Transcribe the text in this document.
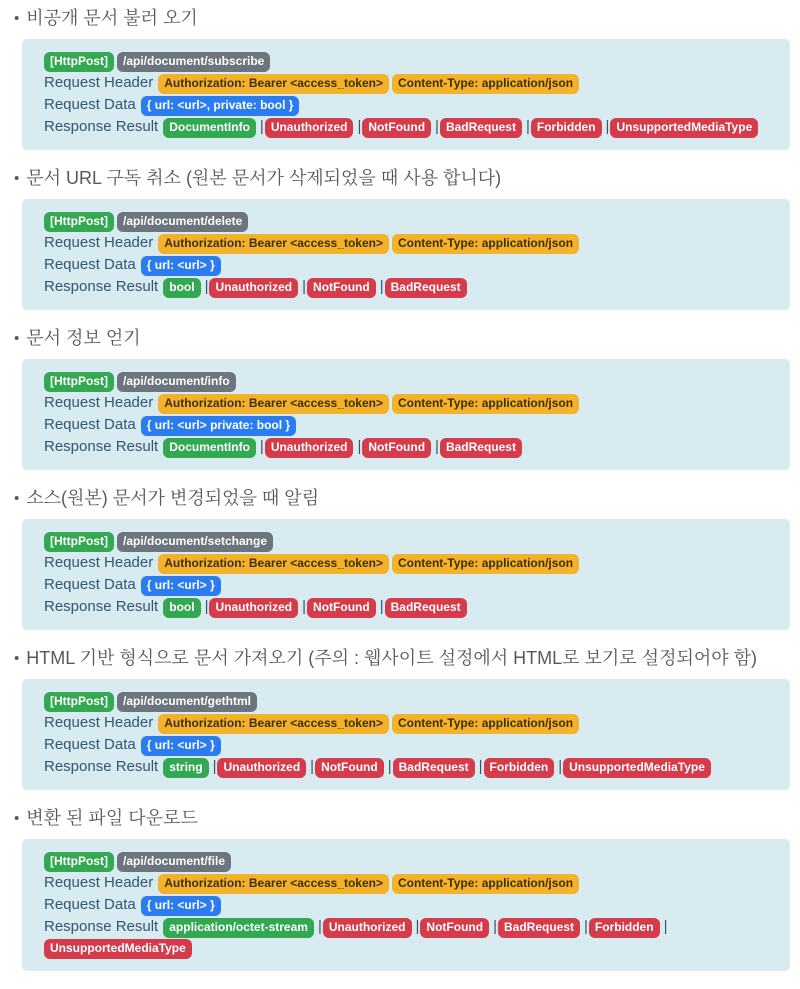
• 비공개 문서 불러 오기
[HttpPost] /api/document/subscribe
Request Header Authorization: Bearer <access_token> Content-Type: application/json
Request Data { url: <url>, private: bool }
Response Result DocumentInfo | Unauthorized | NotFound | BadRequest | Forbidden | UnsupportedMediaType
• 문서 URL 구독 취소 (원본 문서가 삭제되었을 때 사용 합니다)
[HttpPost] /api/document/delete
Request Header Authorization: Bearer <access_token> Content-Type: application/json
Request Data { url: <url> }
Response Result bool | Unauthorized | NotFound | BadRequest
• 문서 정보 얻기
[HttpPost] /api/document/info
Request Header Authorization: Bearer <access_token> Content-Type: application/json
Request Data { url: <url> private: bool }
Response Result DocumentInfo | Unauthorized | NotFound | BadRequest
• 소스(원본) 문서가 변경되었을 때 알림
[HttpPost] /api/document/setchange
Request Header Authorization: Bearer <access_token> Content-Type: application/json
Request Data { url: <url> }
Response Result bool | Unauthorized | NotFound | BadRequest
• HTML 기반 형식으로 문서 가져오기 (주의 : 웹사이트 설정에서 HTML로 보기로 설정되어야 함)
[HttpPost] /api/document/gethtml
Request Header Authorization: Bearer <access_token> Content-Type: application/json
Request Data { url: <url> }
Response Result string | Unauthorized | NotFound | BadRequest | Forbidden | UnsupportedMediaType
• 변환 된 파일 다운로드
[HttpPost] /api/document/file
Request Header Authorization: Bearer <access_token> Content-Type: application/json
Request Data { url: <url> }
Response Result application/octet-stream | Unauthorized | NotFound | BadRequest | Forbidden |UnsupportedMediaType
